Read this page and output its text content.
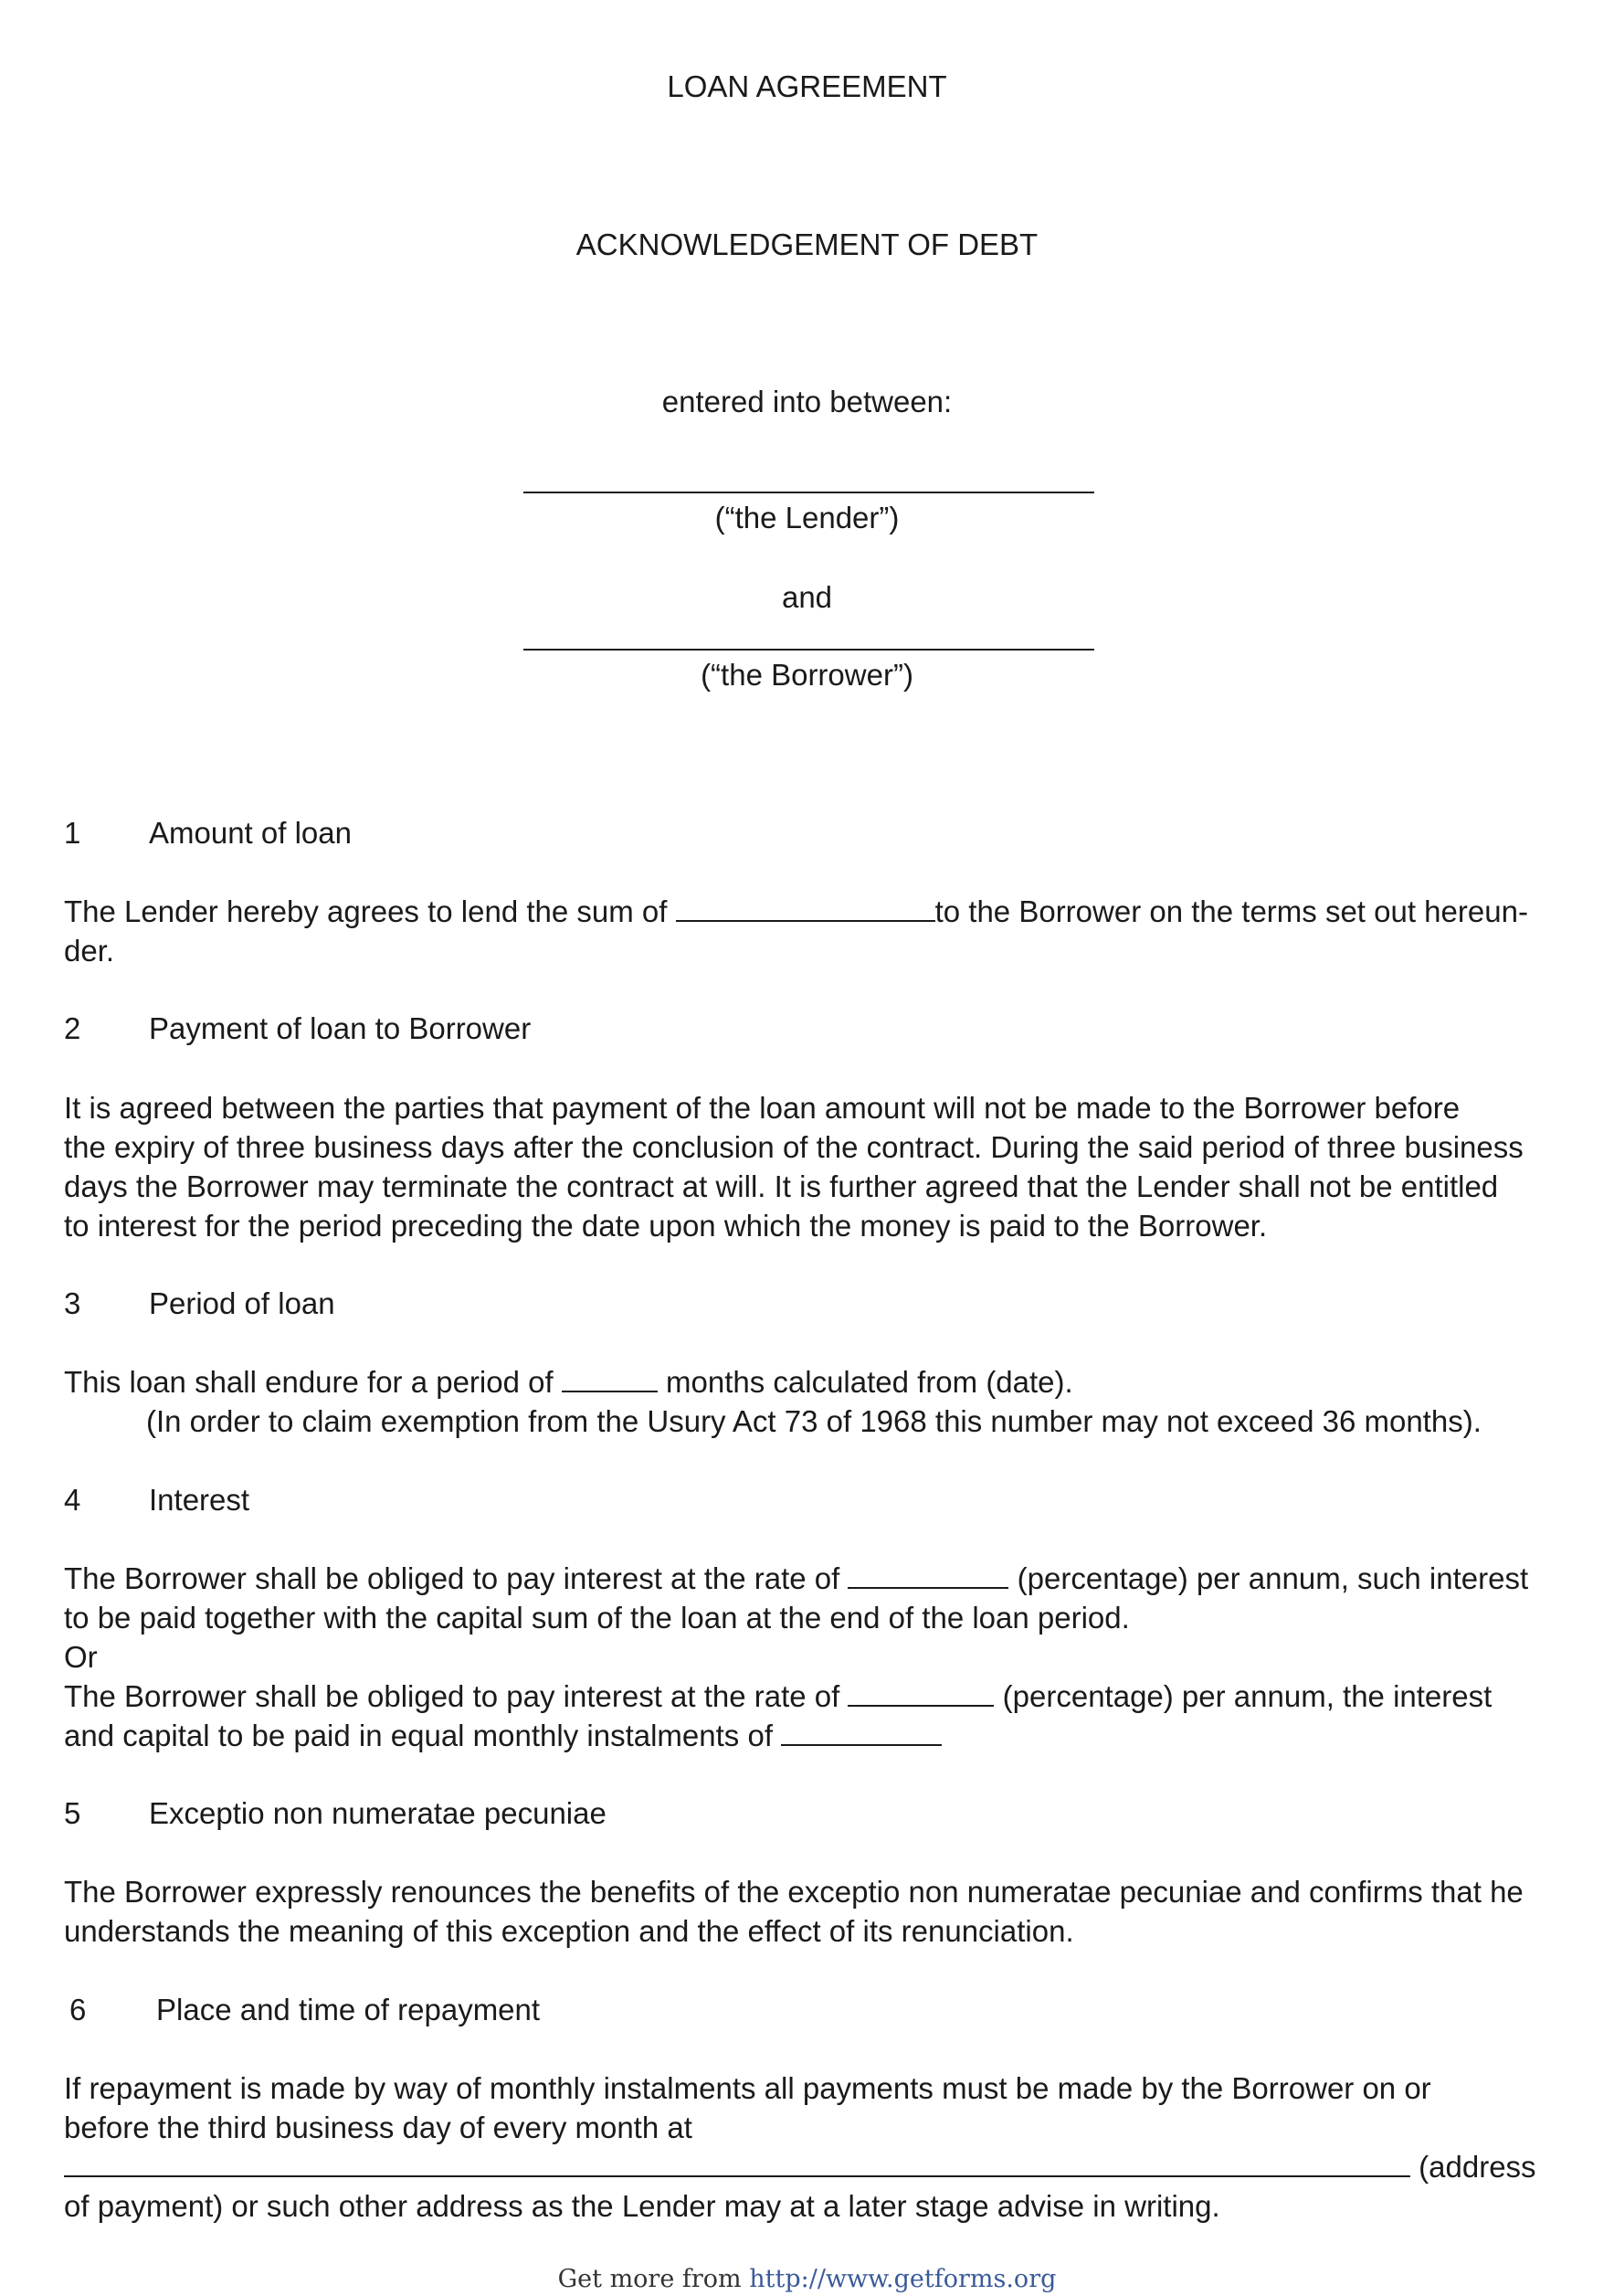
LOAN AGREEMENT
ACKNOWLEDGEMENT OF DEBT
entered into between:
(“the Lender”)
and
(“the Borrower”)
1 Amount of loan
The Lender hereby agrees to lend the sum of	to the Borrower on the terms set out hereun-
der.
2 Payment of loan to Borrower
It is agreed between the parties that payment of the loan amount will not be made to the Borrower before
the expiry of three business days after the conclusion of the contract. During the said period of three business
days the Borrower may terminate the contract at will. It is further agreed that the Lender shall not be entitled
to interest for the period preceding the date upon which the money is paid to the Borrower.
3 Period of loan
This loan shall endure for a period of	months calculated from (date).
(In order to claim exemption from the Usury Act 73 of 1968 this number may not exceed 36 months).
4 Interest
The Borrower shall be obliged to pay interest at the rate of	(percentage) per annum, such interest
to be paid together with the capital sum of the loan at the end of the loan period.
Or
The Borrower shall be obliged to pay interest at the rate of	(percentage) per annum, the interest
and capital to be paid in equal monthly instalments of
5 Exceptio non numeratae pecuniae
The Borrower expressly renounces the benefits of the exceptio non numeratae pecuniae and confirms that he
understands the meaning of this exception and the effect of its renunciation.
6 Place and time of repayment
If repayment is made by way of monthly instalments all payments must be made by the Borrower on or
before the third business day of every month at
(address
of payment) or such other address as the Lender may at a later stage advise in writing.
Get more from http://www.getforms.org
